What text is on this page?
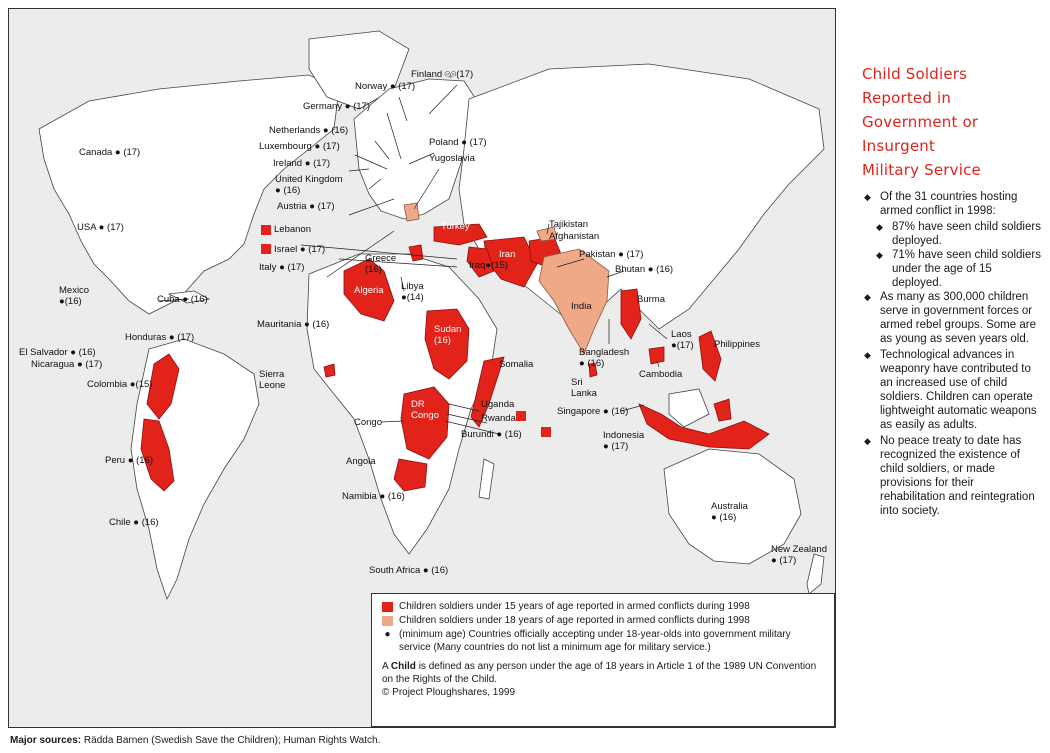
Finland 👫︎(17)
Norway ● (17)
Germany ● (17)
Netherlands ● (16)
Luxembourg ● (17)	Poland ● (17)
Ireland ● (17)	Yugoslavia
United Kingdom
● (16)
Austria ● (17)
Canada ● (17)
USA ● (17)	Lebanon
Israel ● (17)
Italy ● (17)
Greece
(16)
Turkey	Tajikistan
Afghanistan
Iran
Iraq●(15)
Pakistan ● (17)
Bhutan ● (16)
Mexico
●(16)	Cuba ● (16)
Algeria Libya
●(14)
India
Burma
Mauritania ● (16)	Sudan
(16)
Laos
●(17) Philippines
Honduras ● (17)
El Salvador ● (16)
Nicaragua ● (17)
Bangladesh
● (16)
Sierra Leone
Somalia
Cambodia
Colombia ●(15)	Sri Lanka
DR Congo
Uganda
Singapore ● (16)
Rwanda
Congo
Burundi ● (16)	Indonesia
● (17)
Peru ● (16)	Angola
Namibia ● (16)
Australia
● (16)
Chile ● (16)
New Zealand
● (17)
South Africa ● (16)
Children soldiers under 15 years of age reported in armed conflicts during 1998
Children soldiers under 18 years of age reported in armed conflicts during 1998
● (minimum age) Countries officially accepting under 18-year-olds into government military service (Many countries do not list a minimum age for military service.)
A Child is defined as any person under the age of 18 years in Article 1 of the 1989 UN Convention on the Rights of the Child.
© Project Ploughshares, 1999
Major sources: Rädda Barnen (Swedish Save the Children); Human Rights Watch.
Child Soldiers Reported in
Government or Insurgent
Military Service
◆ Of the 31 countries hosting armed conflict in 1998:
◆ 87% have seen child soldiers deployed.
◆ 71% have seen child soldiers under the age of 15 deployed.
◆ As many as 300,000 children serve in government forces or armed rebel groups. Some are as young as seven years old.
◆ Technological advances in weaponry have contributed to an increased use of child soldiers. Children can operate lightweight automatic weapons as easily as adults.
◆ No peace treaty to date has recognized the existence of child soldiers, or made provisions for their rehabilitation and reintegration into society.
